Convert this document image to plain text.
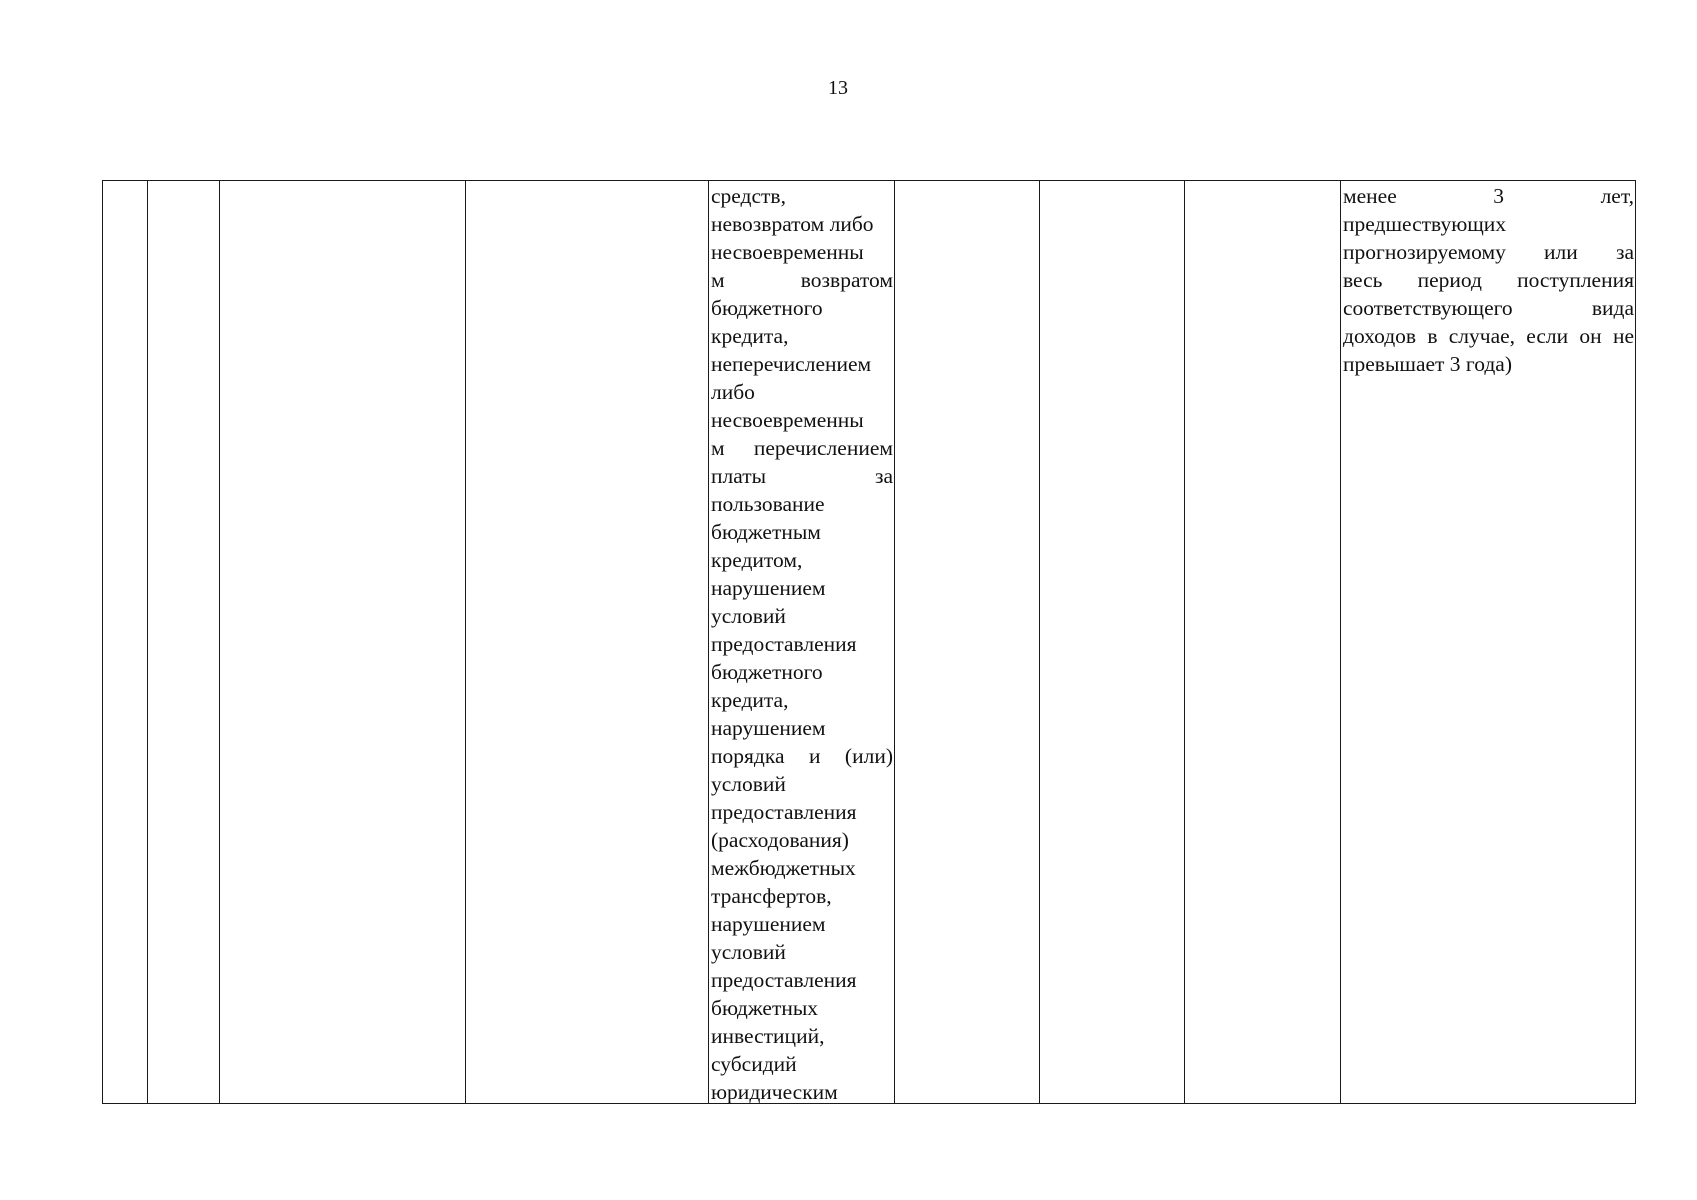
13
средств,
невозвратом либо
несвоевременны
м возвратом
бюджетного
кредита,
неперечислением
либо
несвоевременны
м перечислением
платы за
пользование
бюджетным
кредитом,
нарушением
условий
предоставления
бюджетного
кредита,
нарушением
порядка и (или)
условий
предоставления
(расходования)
межбюджетных
трансфертов,
нарушением
условий
предоставления
бюджетных
инвестиций,
субсидий
юридическим
менее 3 лет,
предшествующих
прогнозируемому или за
весь период поступления
соответствующего вида
доходов в случае, если он не
превышает 3 года)
